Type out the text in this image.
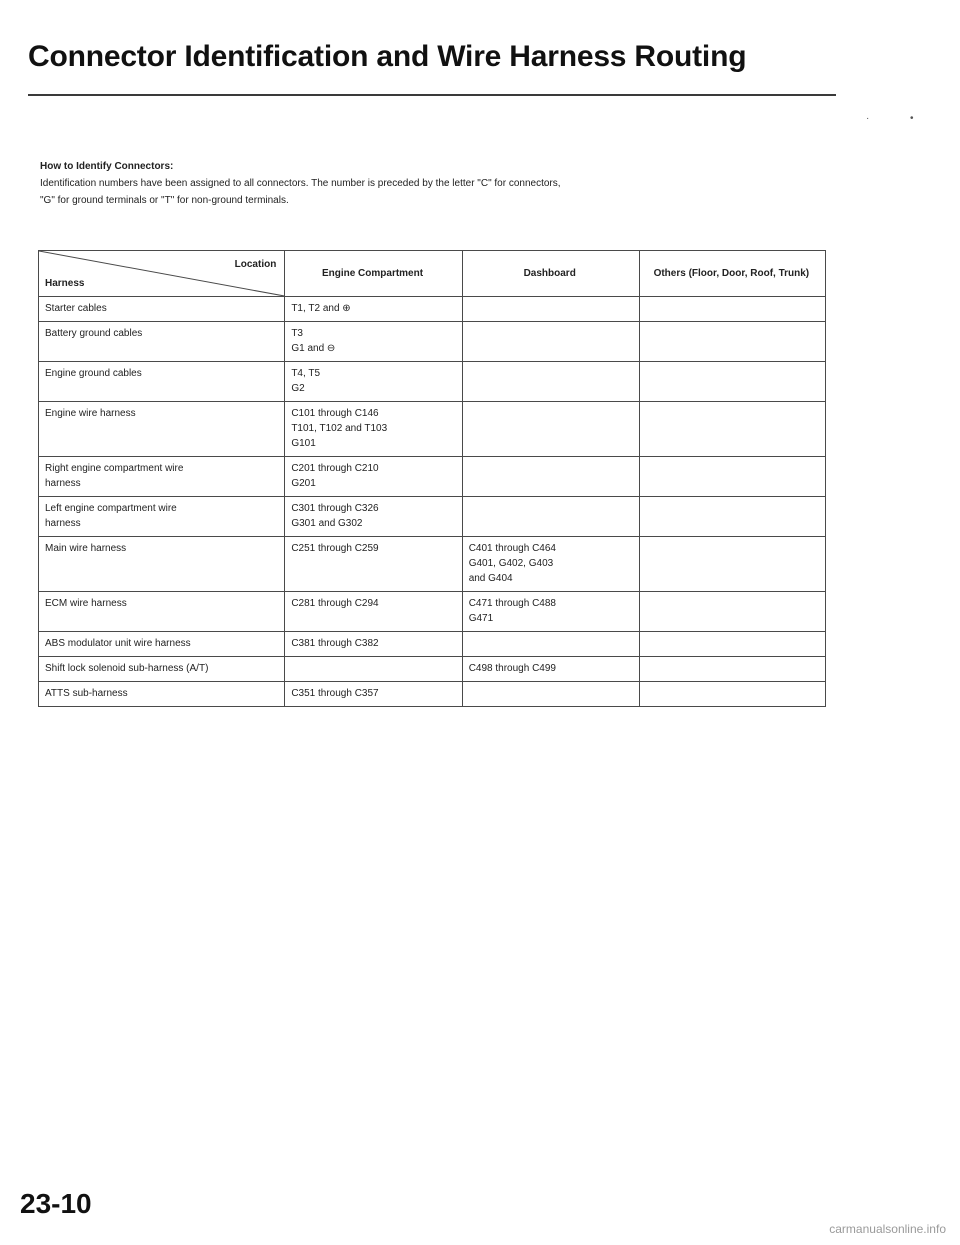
Connector Identification and Wire Harness Routing
·	•
How to Identify Connectors:
Identification numbers have been assigned to all connectors. The number is preceded by the letter "C" for connectors,
"G" for ground terminals or "T" for non-ground terminals.
Location
Harness	Engine Compartment	Dashboard	Others (Floor, Door, Roof, Trunk)
Starter cables	T1, T2 and ⊕		
Battery ground cables	T3
G1 and ⊖		
Engine ground cables	T4, T5
G2		
Engine wire harness	C101 through C146
T101, T102 and T103
G101		
Right engine compartment wire
harness	C201 through C210
G201		
Left engine compartment wire
harness	C301 through C326
G301 and G302		
Main wire harness	C251 through C259	C401 through C464
G401, G402, G403
and G404	
ECM wire harness	C281 through C294	C471 through C488
G471	
ABS modulator unit wire harness	C381 through C382		
Shift lock solenoid sub-harness (A/T)		C498 through C499	
ATTS sub-harness	C351 through C357		
23-10
carmanualsonline.info
